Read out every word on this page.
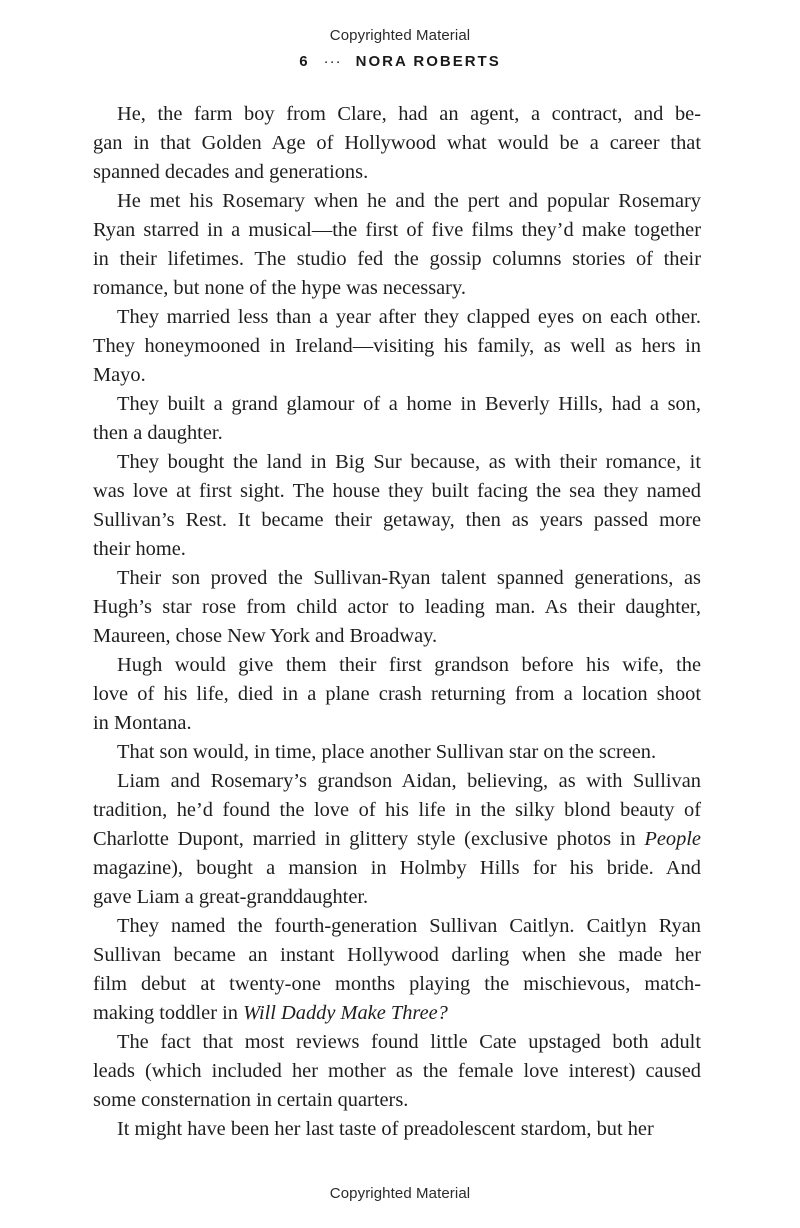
Copyrighted Material
6 ··· NORA ROBERTS

He, the farm boy from Clare, had an agent, a contract, and be-
gan in that Golden Age of Hollywood what would be a career that
spanned decades and generations.

He met his Rosemary when he and the pert and popular Rosemary
Ryan starred in a musical—the first of five films they’d make together
in their lifetimes. The studio fed the gossip columns stories of their
romance, but none of the hype was necessary.

They married less than a year after they clapped eyes on each other.
They honeymooned in Ireland—visiting his family, as well as hers in
Mayo.

They built a grand glamour of a home in Beverly Hills, had a son,
then a daughter.

They bought the land in Big Sur because, as with their romance, it
was love at first sight. The house they built facing the sea they named
Sullivan’s Rest. It became their getaway, then as years passed more
their home.

Their son proved the Sullivan-Ryan talent spanned generations, as
Hugh’s star rose from child actor to leading man. As their daughter,
Maureen, chose New York and Broadway.

Hugh would give them their first grandson before his wife, the
love of his life, died in a plane crash returning from a location shoot
in Montana.

That son would, in time, place another Sullivan star on the screen.

Liam and Rosemary’s grandson Aidan, believing, as with Sullivan
tradition, he’d found the love of his life in the silky blond beauty of
Charlotte Dupont, married in glittery style (exclusive photos in People
magazine), bought a mansion in Holmby Hills for his bride. And
gave Liam a great-granddaughter.

They named the fourth-generation Sullivan Caitlyn. Caitlyn Ryan
Sullivan became an instant Hollywood darling when she made her
film debut at twenty-one months playing the mischievous, match-
making toddler in Will Daddy Make Three?

The fact that most reviews found little Cate upstaged both adult
leads (which included her mother as the female love interest) caused
some consternation in certain quarters.

It might have been her last taste of preadolescent stardom, but her

Copyrighted Material
